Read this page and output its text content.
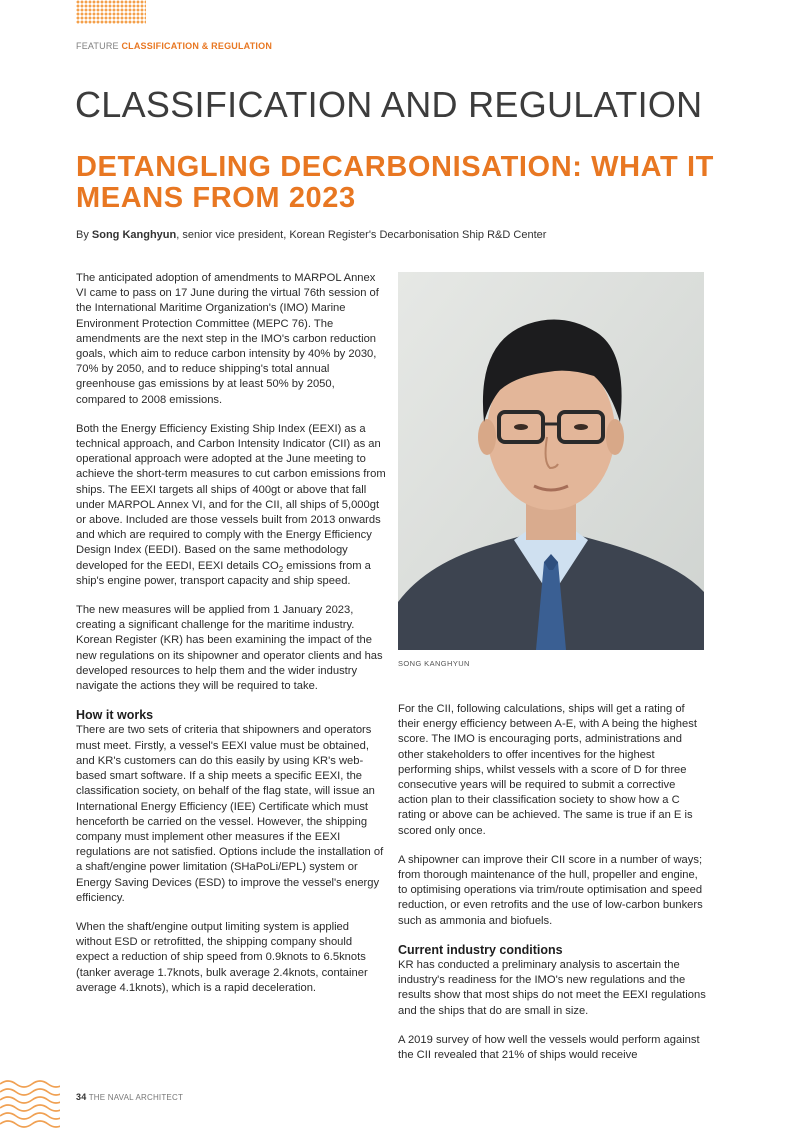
FEATURE CLASSIFICATION & REGULATION
CLASSIFICATION AND REGULATION
DETANGLING DECARBONISATION: WHAT IT MEANS FROM 2023
By Song Kanghyun, senior vice president, Korean Register's Decarbonisation Ship R&D Center

The anticipated adoption of amendments to MARPOL Annex VI came to pass on 17 June during the virtual 76th session of the International Maritime Organization's (IMO) Marine Environment Protection Committee (MEPC 76). The amendments are the next step in the IMO's carbon reduction goals, which aim to reduce carbon intensity by 40% by 2030, 70% by 2050, and to reduce shipping's total annual greenhouse gas emissions by at least 50% by 2050, compared to 2008 emissions.

Both the Energy Efficiency Existing Ship Index (EEXI) as a technical approach, and Carbon Intensity Indicator (CII) as an operational approach were adopted at the June meeting to achieve the short-term measures to cut carbon emissions from ships. The EEXI targets all ships of 400gt or above that fall under MARPOL Annex VI, and for the CII, all ships of 5,000gt or above. Included are those vessels built from 2013 onwards and which are required to comply with the Energy Efficiency Design Index (EEDI). Based on the same methodology developed for the EEDI, EEXI details $CO_2$ emissions from a ship's engine power, transport capacity and ship speed.

The new measures will be applied from 1 January 2023, creating a significant challenge for the maritime industry. Korean Register (KR) has been examining the impact of the new regulations on its shipowner and operator clients and has developed resources to help them and the wider industry navigate the actions they will be required to take.

How it works

There are two sets of criteria that shipowners and operators must meet. Firstly, a vessel's EEXI value must be obtained, and KR's customers can do this easily by using KR's web-based smart software. If a ship meets a specific EEXI, the classification society, on behalf of the flag state, will issue an International Energy Efficiency (IEE) Certificate which must henceforth be carried on the vessel. However, the shipping company must implement other measures if the EEXI regulations are not satisfied. Options include the installation of a shaft/engine power limitation (SHaPoLi/EPL) system or Energy Saving Devices (ESD) to improve the vessel's energy efficiency.

When the shaft/engine output limiting system is applied without ESD or retrofitted, the shipping company should expect a reduction of ship speed from 0.9knots to 6.5knots (tanker average 1.7knots, bulk average 2.4knots, container average 4.1knots), which is a rapid deceleration.

SONG KANGHYUN

For the CII, following calculations, ships will get a rating of their energy efficiency between A-E, with A being the highest score. The IMO is encouraging ports, administrations and other stakeholders to offer incentives for the highest performing ships, whilst vessels with a score of D for three consecutive years will be required to submit a corrective action plan to their classification society to show how a C rating or above can be achieved. The same is true if an E is scored only once.

A shipowner can improve their CII score in a number of ways; from thorough maintenance of the hull, propeller and engine, to optimising operations via trim/route optimisation and speed reduction, or even retrofits and the use of low-carbon bunkers such as ammonia and biofuels.

Current industry conditions

KR has conducted a preliminary analysis to ascertain the industry's readiness for the IMO's new regulations and the results show that most ships do not meet the EEXI regulations and the ships that do are small in size.

A 2019 survey of how well the vessels would perform against the CII revealed that 21% of ships would receive

34 THE NAVAL ARCHITECT
